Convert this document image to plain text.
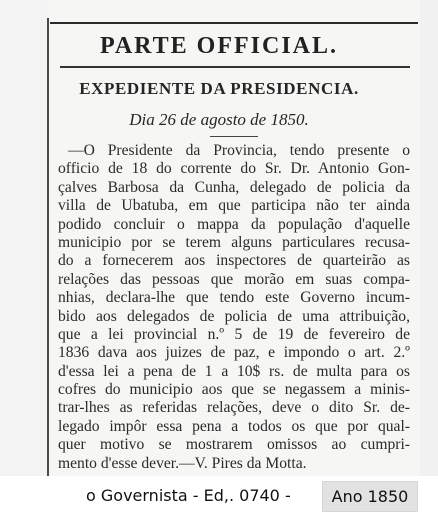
PARTE OFFICIAL.
EXPEDIENTE DA PRESIDENCIA.
Dia 26 de agosto de 1850.
—O Presidente da Provincia, tendo presente o
officio de 18 do corrente do Sr. Dr. Antonio Gon-
çalves Barbosa da Cunha, delegado de policia da
villa de Ubatuba, em que participa não ter ainda
podido concluir o mappa da população d'aquelle
municipio por se terem alguns particulares recusa-
do a fornecerem aos inspectores de quarteirão as
relações das pessoas que morão em suas compa-
nhias, declara-lhe que tendo este Governo incum-
bido aos delegados de policia de uma attribuição,
que a lei provincial n.º 5 de 19 de fevereiro de
1836 dava aos juizes de paz, e impondo o art. 2.º
d'essa lei a pena de 1 a 10$ rs. de multa para os
cofres do municipio aos que se negassem a minis-
trar-lhes as referidas relações, deve o dito Sr. de-
legado impôr essa pena a todos os que por qual-
quer motivo se mostrarem omissos ao cumpri-
mento d'esse dever.—V. Pires da Motta.
o Governista - Ed,. 0740 -	Ano 1850
